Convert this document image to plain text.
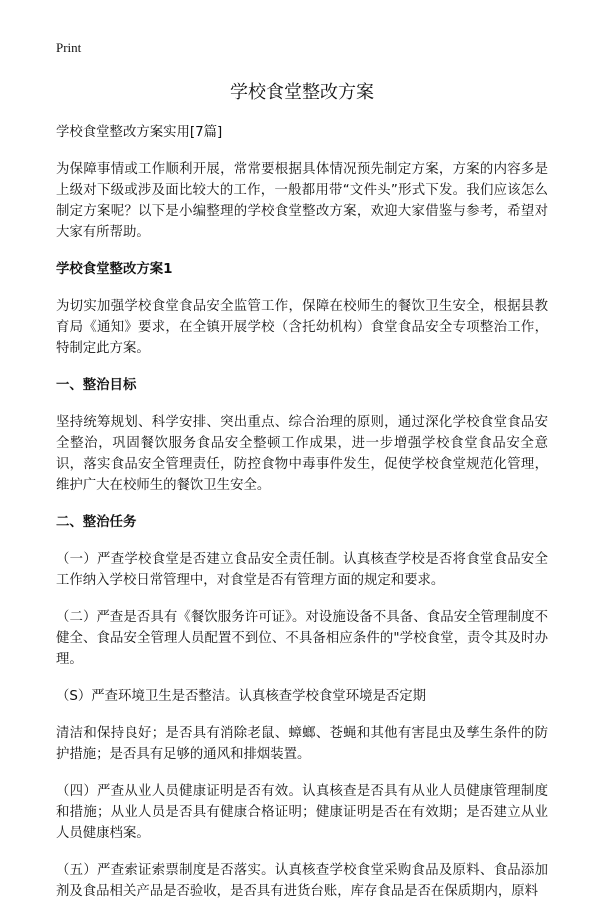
Print
学校食堂整改方案

学校食堂整改方案实用[7篇]

为保障事情或工作顺利开展，常常要根据具体情况预先制定方案，方案的内容多是上级对下级或涉及面比较大的工作，一般都用带“文件头”形式下发。我们应该怎么制定方案呢？以下是小编整理的学校食堂整改方案，欢迎大家借鉴与参考，希望对大家有所帮助。

学校食堂整改方案1

为切实加强学校食堂食品安全监管工作，保障在校师生的餐饮卫生安全，根据县教育局《通知》要求，在全镇开展学校（含托幼机构）食堂食品安全专项整治工作，特制定此方案。

一、整治目标

坚持统筹规划、科学安排、突出重点、综合治理的原则，通过深化学校食堂食品安全整治，巩固餐饮服务食品安全整顿工作成果，进一步增强学校食堂食品安全意识，落实食品安全管理责任，防控食物中毒事件发生，促使学校食堂规范化管理，维护广大在校师生的餐饮卫生安全。

二、整治任务

（一）严查学校食堂是否建立食品安全责任制。认真核查学校是否将食堂食品安全工作纳入学校日常管理中，对食堂是否有管理方面的规定和要求。

（二）严查是否具有《餐饮服务许可证》。对设施设备不具备、食品安全管理制度不健全、食品安全管理人员配置不到位、不具备相应条件的"学校食堂，责令其及时办理。

（S）严查环境卫生是否整洁。认真核查学校食堂环境是否定期

清洁和保持良好；是否具有消除老鼠、蟑螂、苍蝇和其他有害昆虫及孳生条件的防护措施；是否具有足够的通风和排烟装置。

（四）严查从业人员健康证明是否有效。认真核查是否具有从业人员健康管理制度和措施；从业人员是否具有健康合格证明；健康证明是否在有效期；是否建立从业人员健康档案。

（五）严查索证索票制度是否落实。认真核查学校食堂采购食品及原料、食品添加剂及食品相关产品是否验收，是否具有进货台账，库存食品是否在保质期内，原料
